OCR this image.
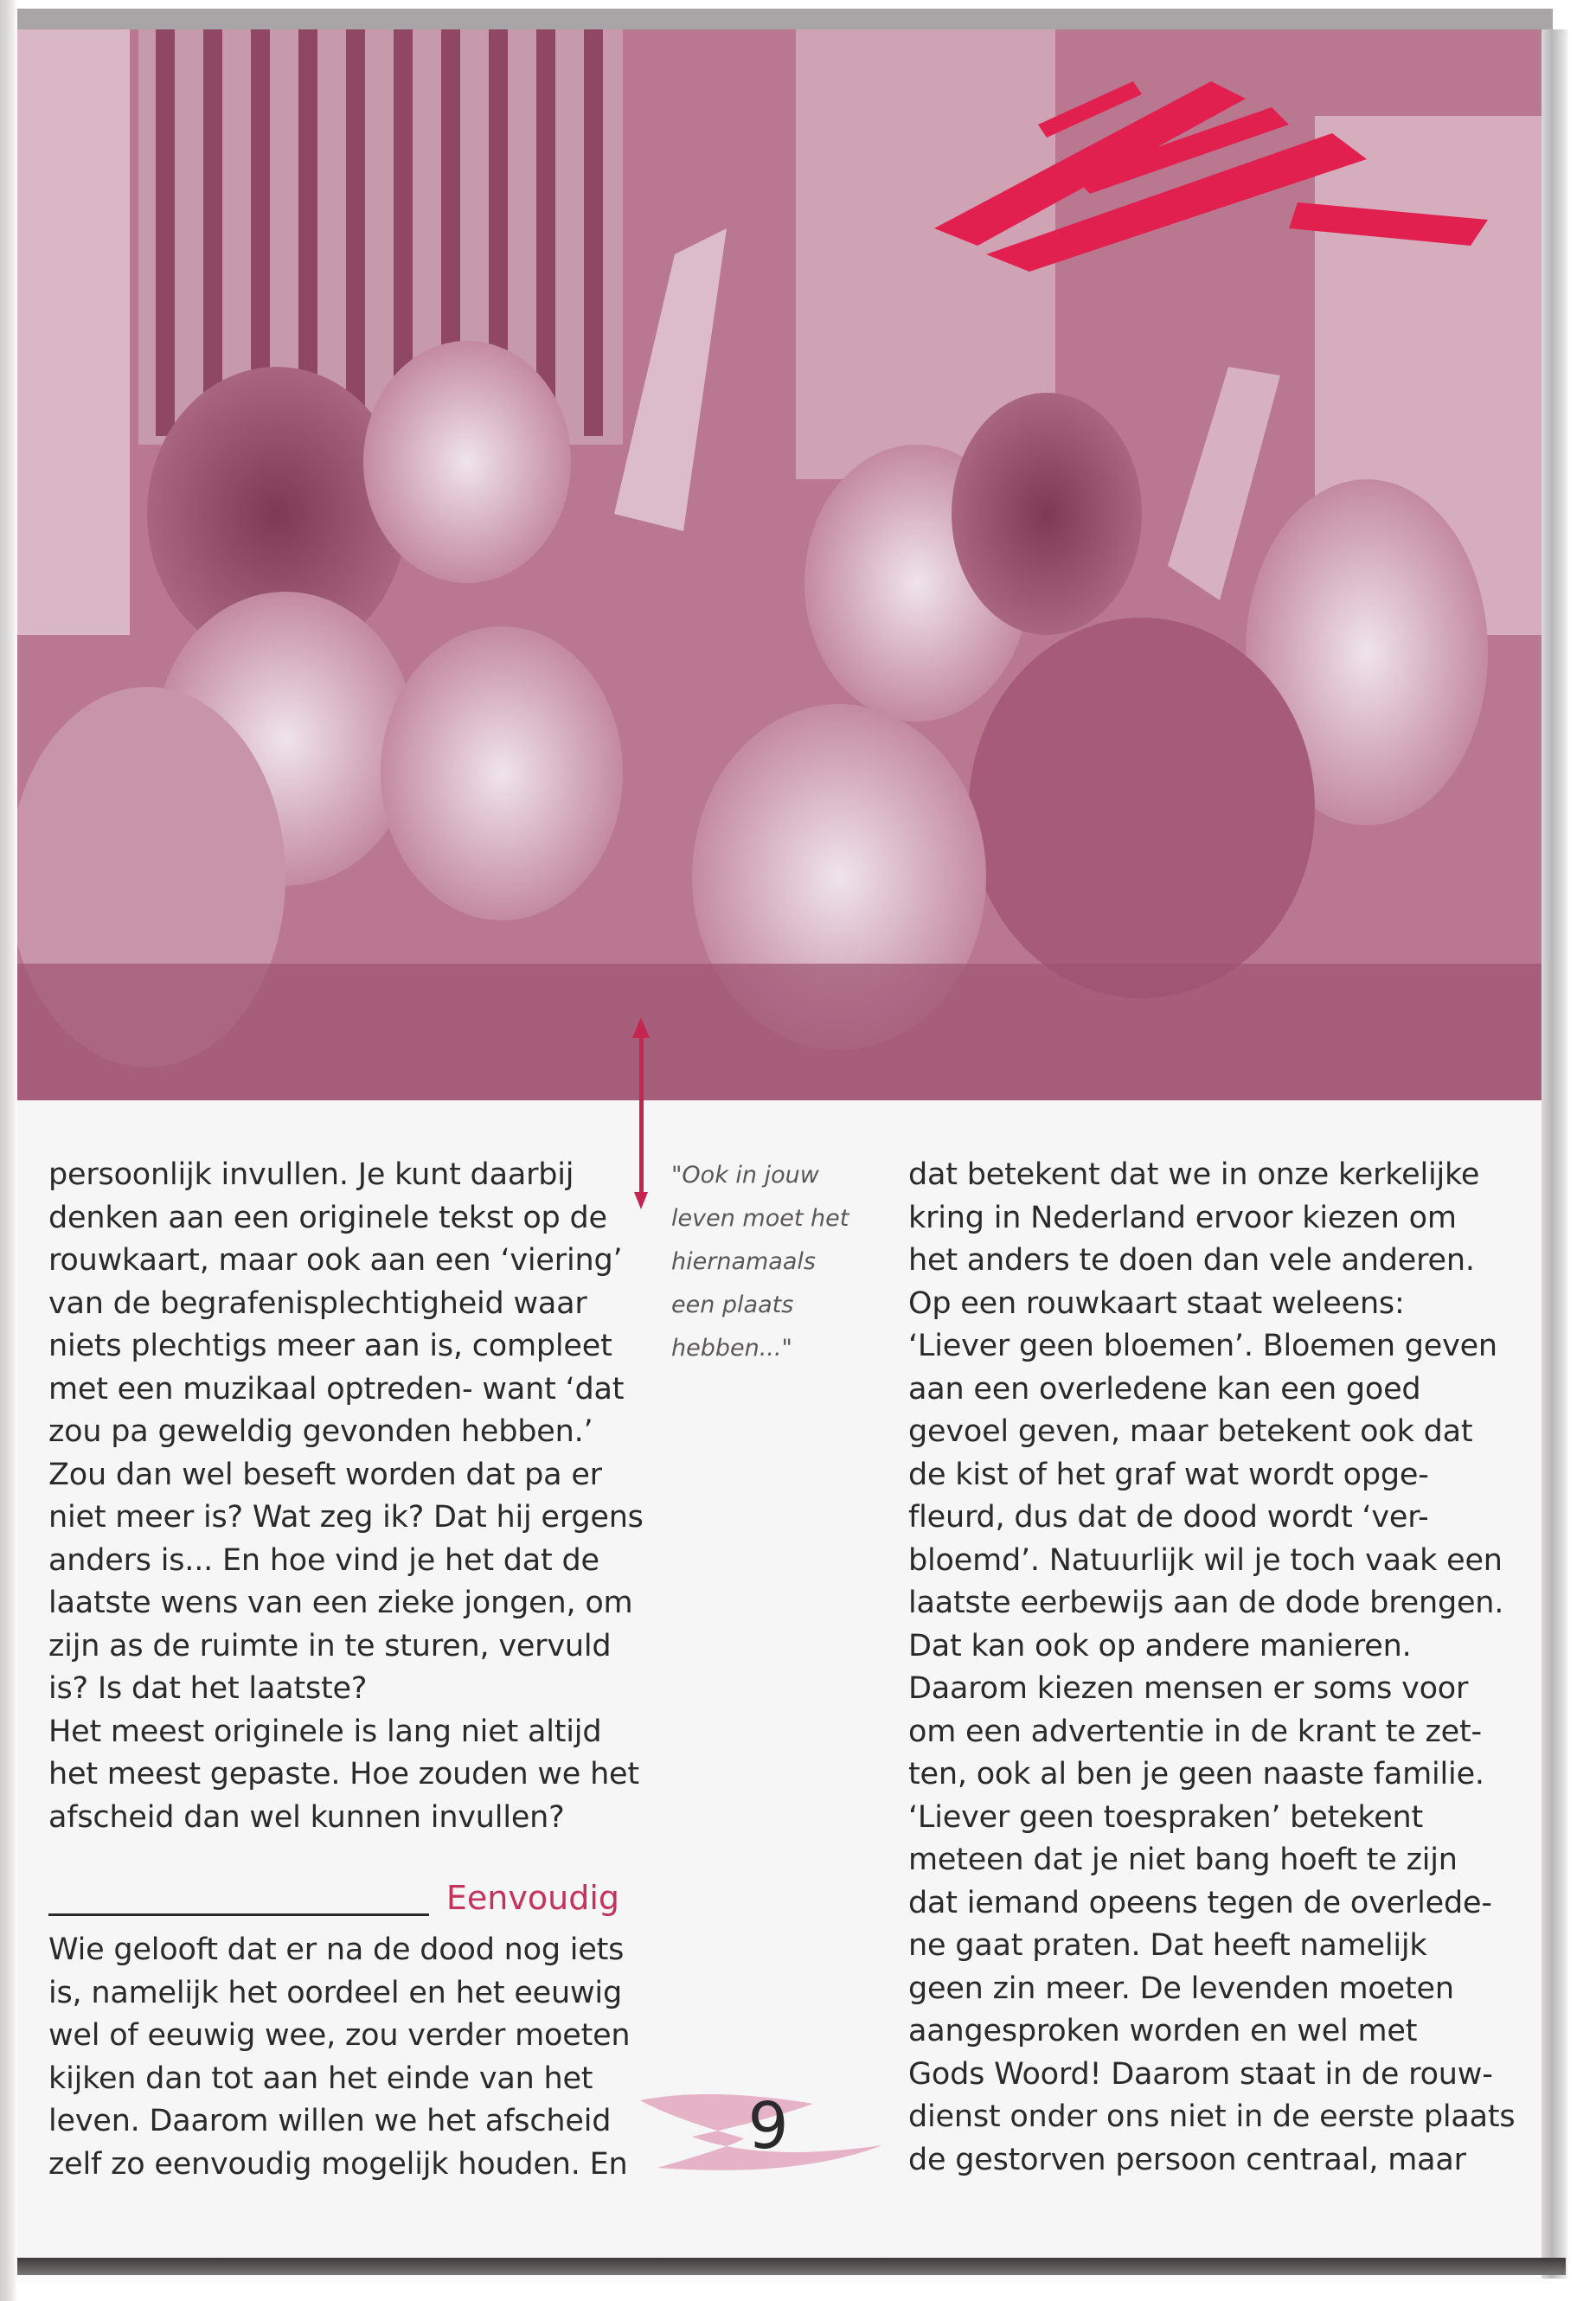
persoonlijk invullen. Je kunt daarbij
denken aan een originele tekst op de
rouwkaart, maar ook aan een ‘viering’
van de begrafenisplechtigheid waar
niets plechtigs meer aan is, compleet
met een muzikaal optreden- want ‘dat
zou pa geweldig gevonden hebben.’
Zou dan wel beseft worden dat pa er
niet meer is? Wat zeg ik? Dat hij ergens
anders is... En hoe vind je het dat de
laatste wens van een zieke jongen, om
zijn as de ruimte in te sturen, vervuld
is? Is dat het laatste?
Het meest originele is lang niet altijd
het meest gepaste. Hoe zouden we het
afscheid dan wel kunnen invullen?

Eenvoudig

Wie gelooft dat er na de dood nog iets
is, namelijk het oordeel en het eeuwig
wel of eeuwig wee, zou verder moeten
kijken dan tot aan het einde van het
leven. Daarom willen we het afscheid
zelf zo eenvoudig mogelijk houden. En

"Ook in jouw
leven moet het
hiernamaals
een plaats
hebben..."

dat betekent dat we in onze kerkelijke
kring in Nederland ervoor kiezen om
het anders te doen dan vele anderen.
Op een rouwkaart staat weleens:
‘Liever geen bloemen’. Bloemen geven
aan een overledene kan een goed
gevoel geven, maar betekent ook dat
de kist of het graf wat wordt opge-
fleurd, dus dat de dood wordt ‘ver-
bloemd’. Natuurlijk wil je toch vaak een
laatste eerbewijs aan de dode brengen.
Dat kan ook op andere manieren.
Daarom kiezen mensen er soms voor
om een advertentie in de krant te zet-
ten, ook al ben je geen naaste familie.
‘Liever geen toespraken’ betekent
meteen dat je niet bang hoeft te zijn
dat iemand opeens tegen de overlede-
ne gaat praten. Dat heeft namelijk
geen zin meer. De levenden moeten
aangesproken worden en wel met
Gods Woord! Daarom staat in de rouw-
dienst onder ons niet in de eerste plaats
de gestorven persoon centraal, maar

9
